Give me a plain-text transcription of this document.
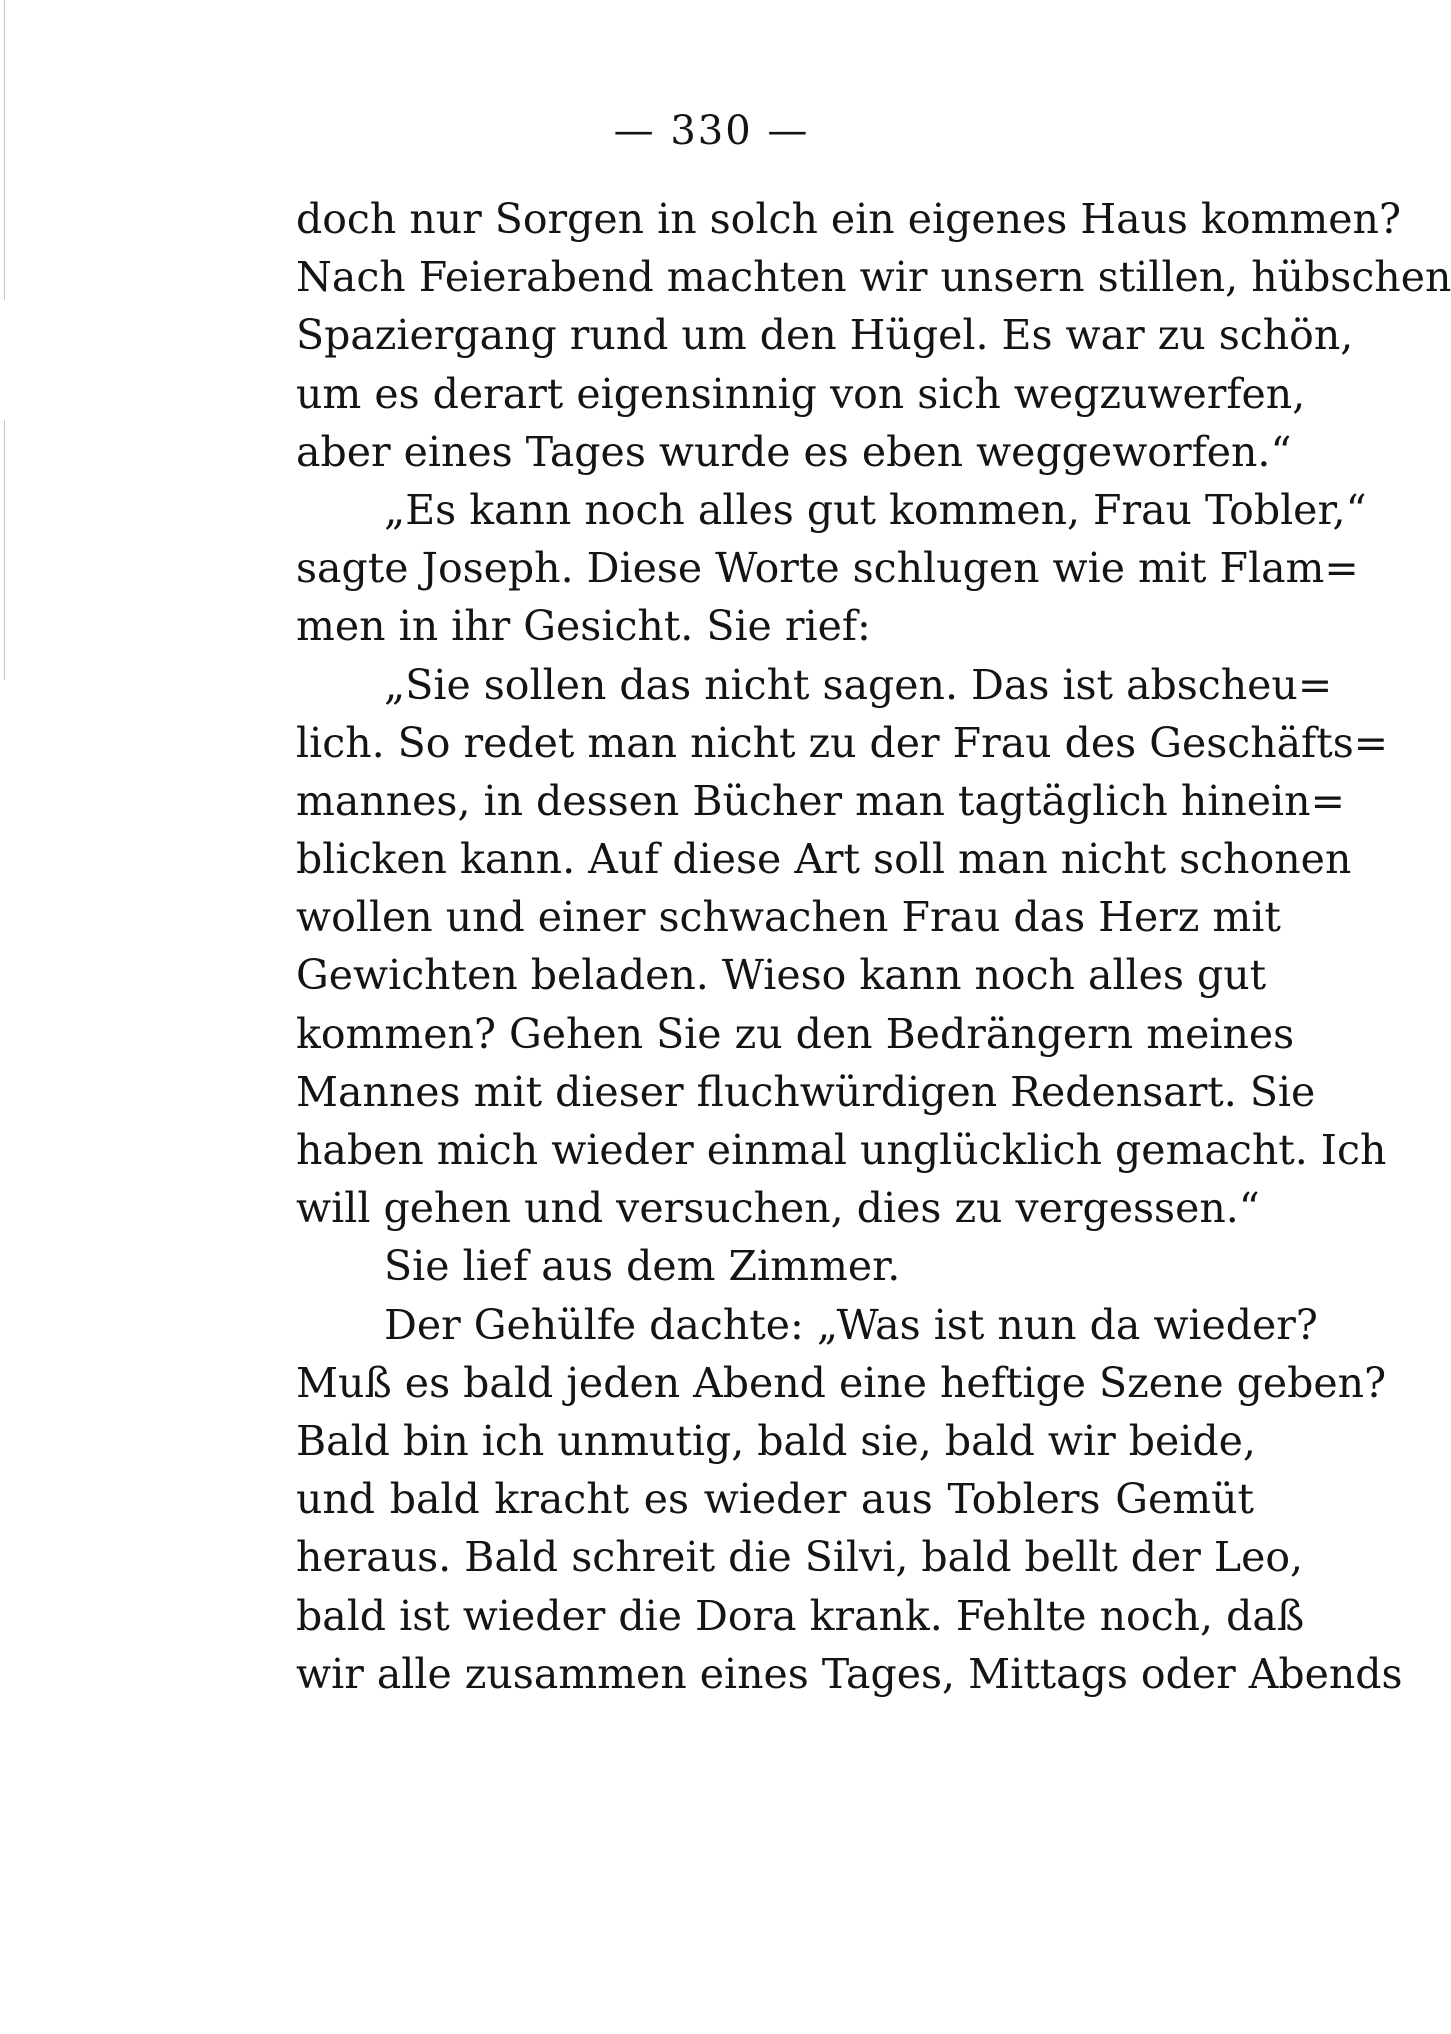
— 330 —
doch nur Sorgen in solch ein eigenes Haus kommen?
Nach Feierabend machten wir unsern stillen, hübschen
Spaziergang rund um den Hügel. Es war zu schön,
um es derart eigensinnig von sich wegzuwerfen,
aber eines Tages wurde es eben weggeworfen.“
„Es kann noch alles gut kommen, Frau Tobler,“
sagte Joseph. Diese Worte schlugen wie mit Flam=
men in ihr Gesicht. Sie rief:
„Sie sollen das nicht sagen. Das ist abscheu=
lich. So redet man nicht zu der Frau des Geschäfts=
mannes, in dessen Bücher man tagtäglich hinein=
blicken kann. Auf diese Art soll man nicht schonen
wollen und einer schwachen Frau das Herz mit
Gewichten beladen. Wieso kann noch alles gut
kommen? Gehen Sie zu den Bedrängern meines
Mannes mit dieser fluchwürdigen Redensart. Sie
haben mich wieder einmal unglücklich gemacht. Ich
will gehen und versuchen, dies zu vergessen.“
Sie lief aus dem Zimmer.
Der Gehülfe dachte: „Was ist nun da wieder?
Muß es bald jeden Abend eine heftige Szene geben?
Bald bin ich unmutig, bald sie, bald wir beide,
und bald kracht es wieder aus Toblers Gemüt
heraus. Bald schreit die Silvi, bald bellt der Leo,
bald ist wieder die Dora krank. Fehlte noch, daß
wir alle zusammen eines Tages, Mittags oder Abends
